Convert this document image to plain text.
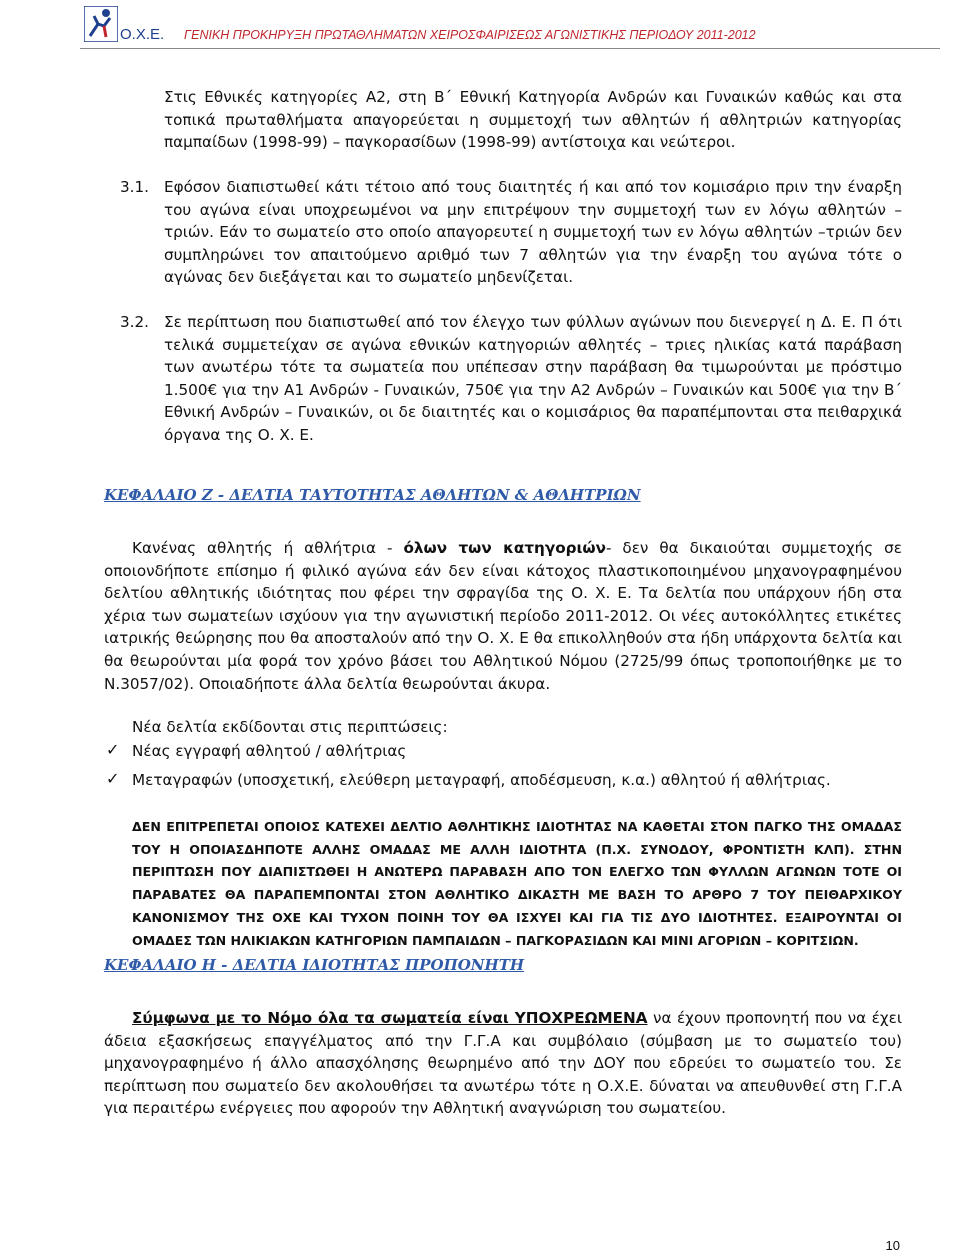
Ο.Χ.Ε. ΓΕΝΙΚΗ ΠΡΟΚΗΡΥΞΗ ΠΡΩΤΑΘΛΗΜΑΤΩΝ ΧΕΙΡΟΣΦΑΙΡΙΣΕΩΣ ΑΓΩΝΙΣΤΙΚΗΣ ΠΕΡΙΟΔΟΥ 2011-2012

Στις Εθνικές κατηγορίες Α2, στη Β΄ Εθνική Κατηγορία Ανδρών και Γυναικών καθώς και στα τοπικά πρωταθλήματα απαγορεύεται η συμμετοχή των αθλητών ή αθλητριών κατηγορίας παμπαίδων (1998-99) – παγκορασίδων (1998-99) αντίστοιχα και νεώτεροι.

3.1. Εφόσον διαπιστωθεί κάτι τέτοιο από τους διαιτητές ή και από τον κομισάριο πριν την έναρξη του αγώνα είναι υποχρεωμένοι να μην επιτρέψουν την συμμετοχή των εν λόγω αθλητών –τριών. Εάν το σωματείο στο οποίο απαγορευτεί η συμμετοχή των εν λόγω αθλητών –τριών δεν συμπληρώνει τον απαιτούμενο αριθμό των 7 αθλητών για την έναρξη του αγώνα τότε ο αγώνας δεν διεξάγεται και το σωματείο μηδενίζεται.

3.2. Σε περίπτωση που διαπιστωθεί από τον έλεγχο των φύλλων αγώνων που διενεργεί η Δ. Ε. Π ότι τελικά συμμετείχαν σε αγώνα εθνικών κατηγοριών αθλητές – τριες ηλικίας κατά παράβαση των ανωτέρω τότε τα σωματεία που υπέπεσαν στην παράβαση θα τιμωρούνται με πρόστιμο 1.500€ για την Α1 Ανδρών - Γυναικών, 750€ για την Α2 Ανδρών – Γυναικών και 500€ για την Β΄ Εθνική Ανδρών – Γυναικών, οι δε διαιτητές και ο κομισάριος θα παραπέμπονται στα πειθαρχικά όργανα της Ο. Χ. Ε.

ΚΕΦΑΛΑΙΟ Ζ - ΔΕΛΤΙΑ ΤΑΥΤΟΤΗΤΑΣ ΑΘΛΗΤΩΝ & ΑΘΛΗΤΡΙΩΝ

Κανένας αθλητής ή αθλήτρια - όλων των κατηγοριών- δεν θα δικαιούται συμμετοχής σε οποιονδήποτε επίσημο ή φιλικό αγώνα εάν δεν είναι κάτοχος πλαστικοποιημένου μηχανογραφημένου δελτίου αθλητικής ιδιότητας που φέρει την σφραγίδα της Ο. Χ. Ε. Τα δελτία που υπάρχουν ήδη στα χέρια των σωματείων ισχύουν για την αγωνιστική περίοδο 2011-2012. Οι νέες αυτοκόλλητες ετικέτες ιατρικής θεώρησης που θα αποσταλούν από την Ο. Χ. Ε θα επικολληθούν στα ήδη υπάρχοντα δελτία και θα θεωρούνται μία φορά τον χρόνο βάσει του Αθλητικού Νόμου (2725/99 όπως τροποποιήθηκε με το Ν.3057/02). Οποιαδήποτε άλλα δελτία θεωρούνται άκυρα.

Νέα δελτία εκδίδονται στις περιπτώσεις:

✓ Νέας εγγραφή αθλητού / αθλήτριας

✓ Μεταγραφών (υποσχετική, ελεύθερη μεταγραφή, αποδέσμευση, κ.α.) αθλητού ή αθλήτριας.

ΔΕΝ ΕΠΙΤΡΕΠΕΤΑΙ ΟΠΟΙΟΣ ΚΑΤΕΧΕΙ ΔΕΛΤΙΟ ΑΘΛΗΤΙΚΗΣ ΙΔΙΟΤΗΤΑΣ ΝΑ ΚΑΘΕΤΑΙ ΣΤΟΝ ΠΑΓΚΟ ΤΗΣ ΟΜΑΔΑΣ ΤΟΥ Η ΟΠΟΙΑΣΔΗΠΟΤΕ ΑΛΛΗΣ ΟΜΑΔΑΣ ΜΕ ΑΛΛΗ ΙΔΙΟΤΗΤΑ (Π.Χ. ΣΥΝΟΔΟΥ, ΦΡΟΝΤΙΣΤΗ ΚΛΠ). ΣΤΗΝ ΠΕΡΙΠΤΩΣΗ ΠΟΥ ΔΙΑΠΙΣΤΩΘΕΙ Η ΑΝΩΤΕΡΩ ΠΑΡΑΒΑΣΗ ΑΠΟ ΤΟΝ ΕΛΕΓΧΟ ΤΩΝ ΦΥΛΛΩΝ ΑΓΩΝΩΝ ΤΟΤΕ ΟΙ ΠΑΡΑΒΑΤΕΣ ΘΑ ΠΑΡΑΠΕΜΠΟΝΤΑΙ ΣΤΟΝ ΑΘΛΗΤΙΚΟ ΔΙΚΑΣΤΗ ΜΕ ΒΑΣΗ ΤΟ ΑΡΘΡΟ 7 ΤΟΥ ΠΕΙΘΑΡΧΙΚΟΥ ΚΑΝΟΝΙΣΜΟΥ ΤΗΣ ΟΧΕ ΚΑΙ ΤΥΧΟΝ ΠΟΙΝΗ ΤΟΥ ΘΑ ΙΣΧΥΕΙ ΚΑΙ ΓΙΑ ΤΙΣ ΔΥΟ ΙΔΙΟΤΗΤΕΣ. ΕΞΑΙΡΟΥΝΤΑΙ ΟΙ ΟΜΑΔΕΣ ΤΩΝ ΗΛΙΚΙΑΚΩΝ ΚΑΤΗΓΟΡΙΩΝ ΠΑΜΠΑΙΔΩΝ – ΠΑΓΚΟΡΑΣΙΔΩΝ ΚΑΙ ΜΙΝΙ ΑΓΟΡΙΩΝ – ΚΟΡΙΤΣΙΩΝ.

ΚΕΦΑΛΑΙΟ Η - ΔΕΛΤΙΑ ΙΔΙΟΤΗΤΑΣ ΠΡΟΠΟΝΗΤΗ

Σύμφωνα με το Νόμο όλα τα σωματεία είναι ΥΠΟΧΡΕΩΜΕΝΑ να έχουν προπονητή που να έχει άδεια εξασκήσεως επαγγέλματος από την Γ.Γ.Α και συμβόλαιο (σύμβαση με το σωματείο του) μηχανογραφημένο ή άλλο απασχόλησης θεωρημένο από την ΔΟΥ που εδρεύει το σωματείο του. Σε περίπτωση που σωματείο δεν ακολουθήσει τα ανωτέρω τότε η Ο.Χ.Ε. δύναται να απευθυνθεί στη Γ.Γ.Α για περαιτέρω ενέργειες που αφορούν την Αθλητική αναγνώριση του σωματείου.

10
